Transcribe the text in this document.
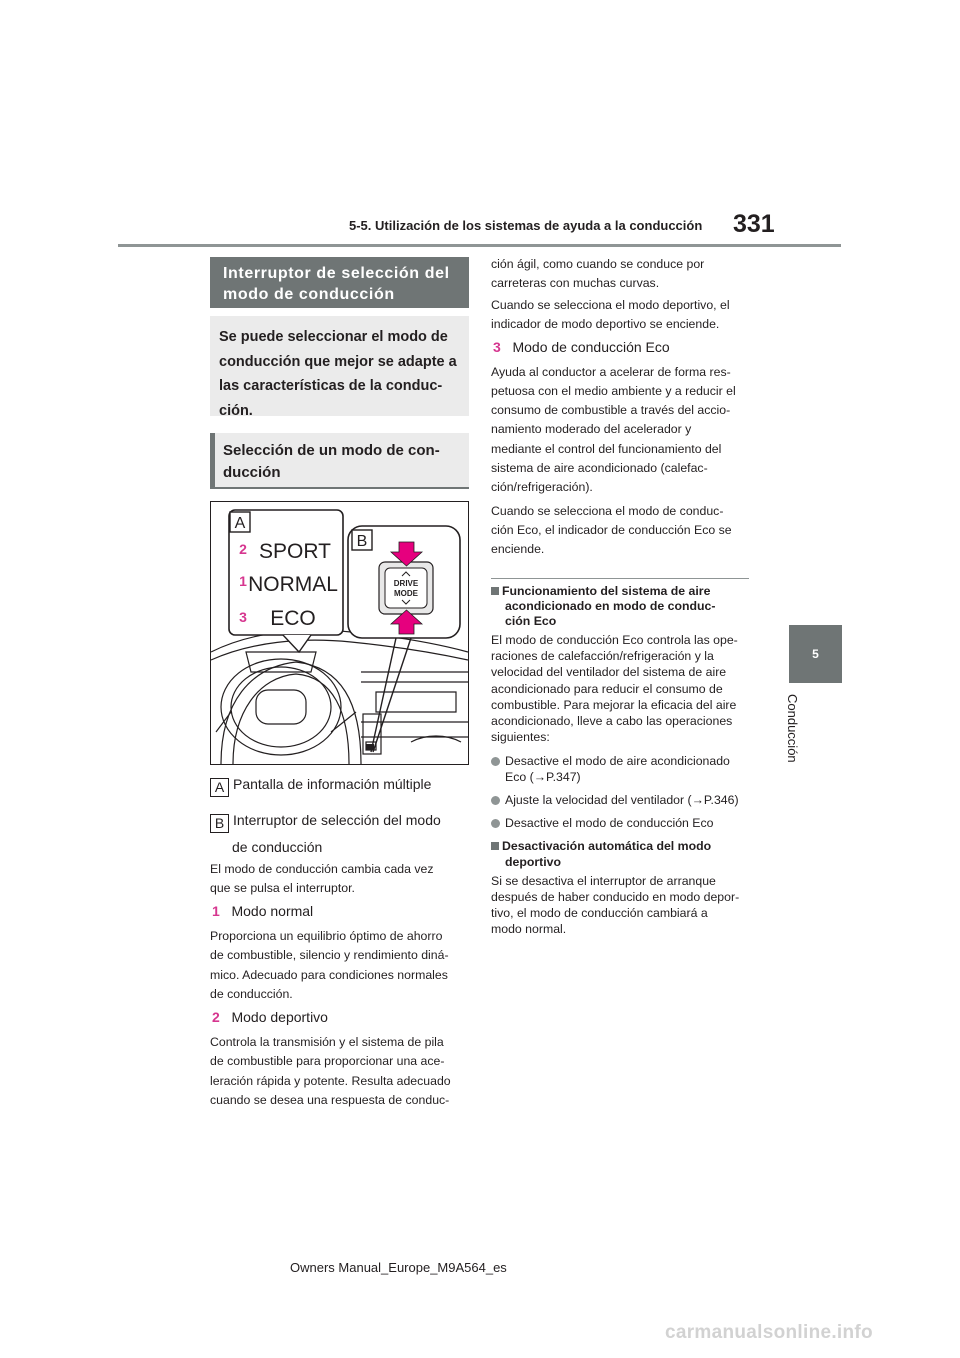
5-5. Utilización de los sistemas de ayuda a la conducción 331
5
Conducción
Interruptor de selección del modo de conducción
Se puede seleccionar el modo de conducción que mejor se adapte a las características de la conduc-ción.
Selección de un modo de con-ducción
A
2 SPORT
1 NORMAL
3 ECO
B
DRIVE
MODE
A Pantalla de información múltiple
B Interruptor de selección del modo
de conducción
El modo de conducción cambia cada vez
que se pulsa el interruptor.
1 Modo normal
Proporciona un equilibrio óptimo de ahorro
de combustible, silencio y rendimiento diná-
mico. Adecuado para condiciones normales
de conducción.
2 Modo deportivo
Controla la transmisión y el sistema de pila
de combustible para proporcionar una ace-
leración rápida y potente. Resulta adecuado
cuando se desea una respuesta de conduc-
ción ágil, como cuando se conduce por
carreteras con muchas curvas.
Cuando se selecciona el modo deportivo, el
indicador de modo deportivo se enciende.
3 Modo de conducción Eco
Ayuda al conductor a acelerar de forma res-
petuosa con el medio ambiente y a reducir el
consumo de combustible a través del accio-
namiento moderado del acelerador y
mediante el control del funcionamiento del
sistema de aire acondicionado (calefac-
ción/refrigeración).
Cuando se selecciona el modo de conduc-
ción Eco, el indicador de conducción Eco se
enciende.
Funcionamiento del sistema de aire
acondicionado en modo de conduc-
ción Eco
El modo de conducción Eco controla las ope-
raciones de calefacción/refrigeración y la
velocidad del ventilador del sistema de aire
acondicionado para reducir el consumo de
combustible. Para mejorar la eficacia del aire
acondicionado, lleve a cabo las operaciones
siguientes:
Desactive el modo de aire acondicionado
Eco (→P.347)
Ajuste la velocidad del ventilador (→P.346)
Desactive el modo de conducción Eco
Desactivación automática del modo
deportivo
Si se desactiva el interruptor de arranque
después de haber conducido en modo depor-
tivo, el modo de conducción cambiará a
modo normal.
Owners Manual_Europe_M9A564_es
carmanualsonline.info
